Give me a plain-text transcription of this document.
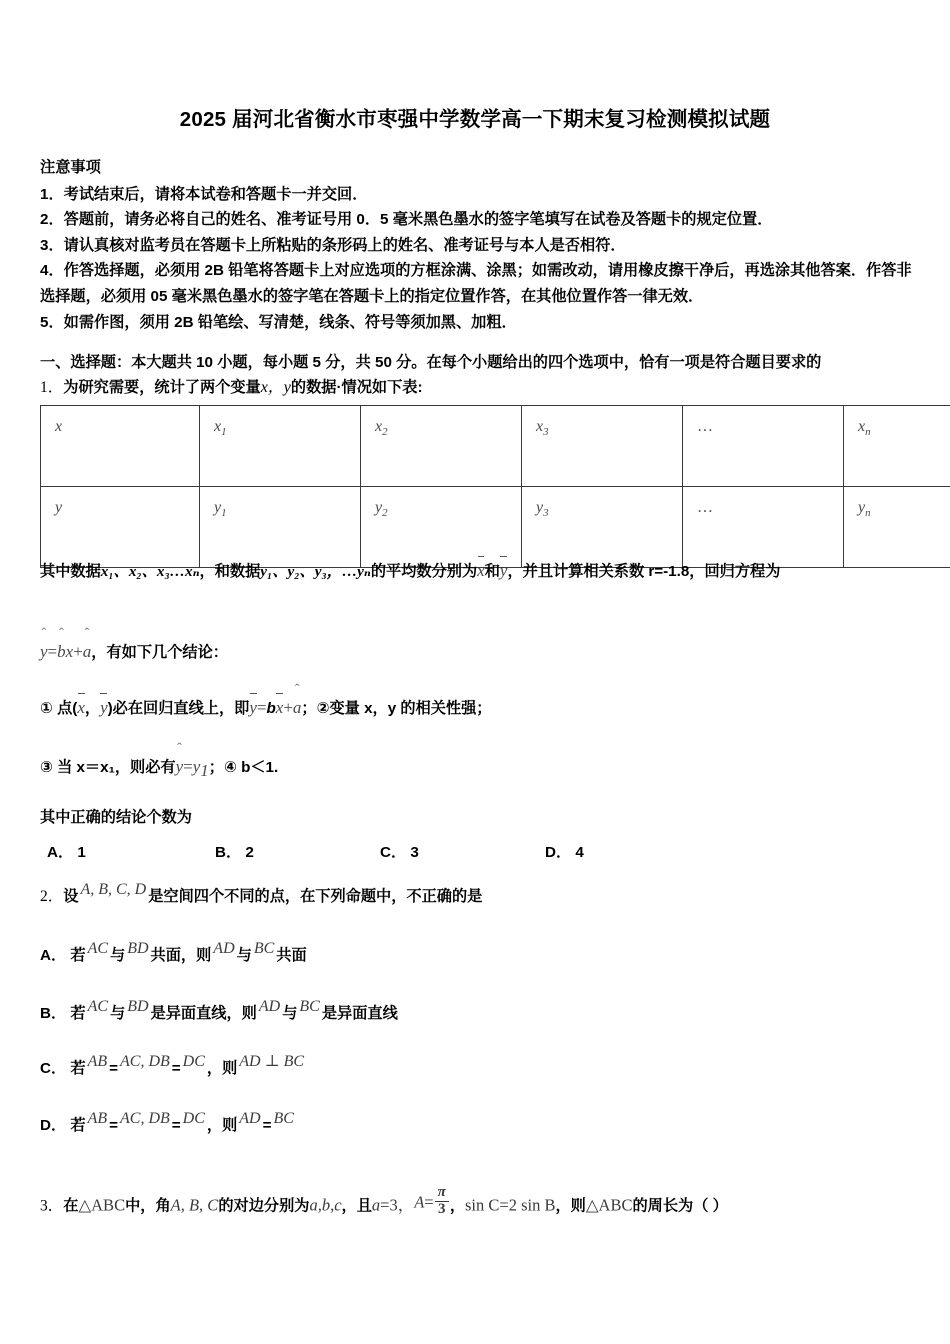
2025 届河北省衡水市枣强中学数学高一下期末复习检测模拟试题
注意事项
1．考试结束后，请将本试卷和答题卡一并交回．
2．答题前，请务必将自己的姓名、准考证号用 0．5 毫米黑色墨水的签字笔填写在试卷及答题卡的规定位置．
3．请认真核对监考员在答题卡上所粘贴的条形码上的姓名、准考证号与本人是否相符．
4．作答选择题，必须用 2B 铅笔将答题卡上对应选项的方框涂满、涂黑；如需改动，请用橡皮擦干净后，再选涂其他答案．作答非选择题，必须用 05 毫米黑色墨水的签字笔在答题卡上的指定位置作答，在其他位置作答一律无效．
5．如需作图，须用 2B 铅笔绘、写清楚，线条、符号等须加黑、加粗．
一、选择题：本大题共 10 小题，每小题 5 分，共 50 分。在每个小题给出的四个选项中，恰有一项是符合题目要求的
1．为研究需要，统计了两个变量x，y的数据·情况如下表:
x	$x_1$	$x_2$	$x_3$	…	$x_n$
y	$y_1$	$y_2$	$y_3$	…	$y_n$
其中数据x₁、x₂、x₃…xₙ，和数据y₁、y₂、y₃，…yₙ的平均数分别为x和y，并且计算相关系数 r=-1.8，回归方程为
ˆ y=ˆ bx+ˆ a，有如下几个结论：
① 点(x，y)必在回归直线上，即y=bx+ˆ a；②变量 x，y 的相关性强；
③ 当 x＝x₁，则必有ˆ $y=y_1$；④ b＜1.
其中正确的结论个数为
A． 1	B． 2	C． 3	D． 4
2．设 A, B, C, D 是空间四个不同的点，在下列命题中，不正确的是
A． 若 AC 与 BD 共面，则 AD 与 BC 共面
B． 若 AC 与 BD 是异面直线，则 AD 与 BC 是异面直线
C． 若 AB = AC, DB = DC ，则 AD ⊥ BC
D． 若 AB = AC, DB = DC ，则 AD = BC
3．在△ABC中，角A, B, C的对边分别为a,b,c，且a=3，$A= \frac{\pi}{3}$ ，sin C=2 sin B，则△ABC的周长为（ ）
